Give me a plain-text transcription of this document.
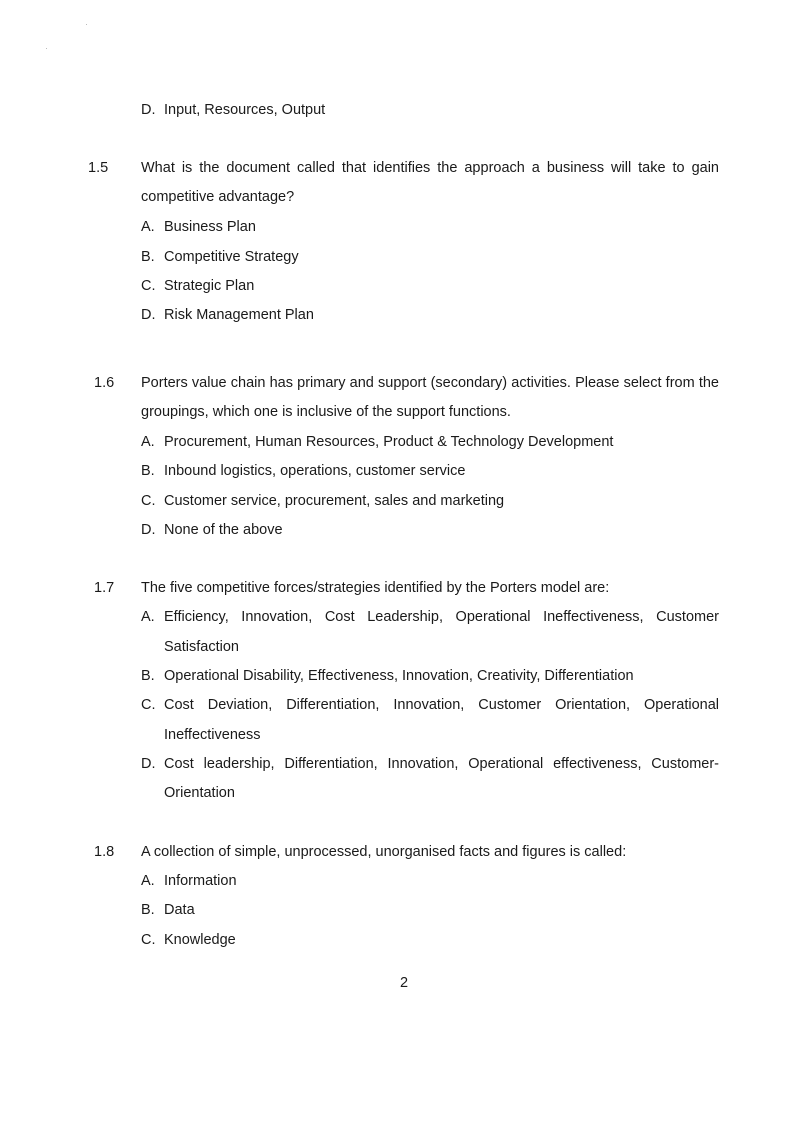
D. Input, Resources, Output
1.5 What is the document called that identifies the approach a business will take to gain
competitive advantage?
A. Business Plan
B. Competitive Strategy
C. Strategic Plan
D. Risk Management Plan
1.6 Porters value chain has primary and support (secondary) activities. Please select from the
groupings, which one is inclusive of the support functions.
A. Procurement, Human Resources, Product & Technology Development
B. Inbound logistics, operations, customer service
C. Customer service, procurement, sales and marketing
D. None of the above
1.7 The five competitive forces/strategies identified by the Porters model are:
A. Efficiency, Innovation, Cost Leadership, Operational Ineffectiveness, Customer
Satisfaction
B. Operational Disability, Effectiveness, Innovation, Creativity, Differentiation
C. Cost Deviation, Differentiation, Innovation, Customer Orientation, Operational
Ineffectiveness
D. Cost leadership, Differentiation, Innovation, Operational effectiveness, Customer-
Orientation
1.8 A collection of simple, unprocessed, unorganised facts and figures is called:
A. Information
B. Data
C. Knowledge
2
